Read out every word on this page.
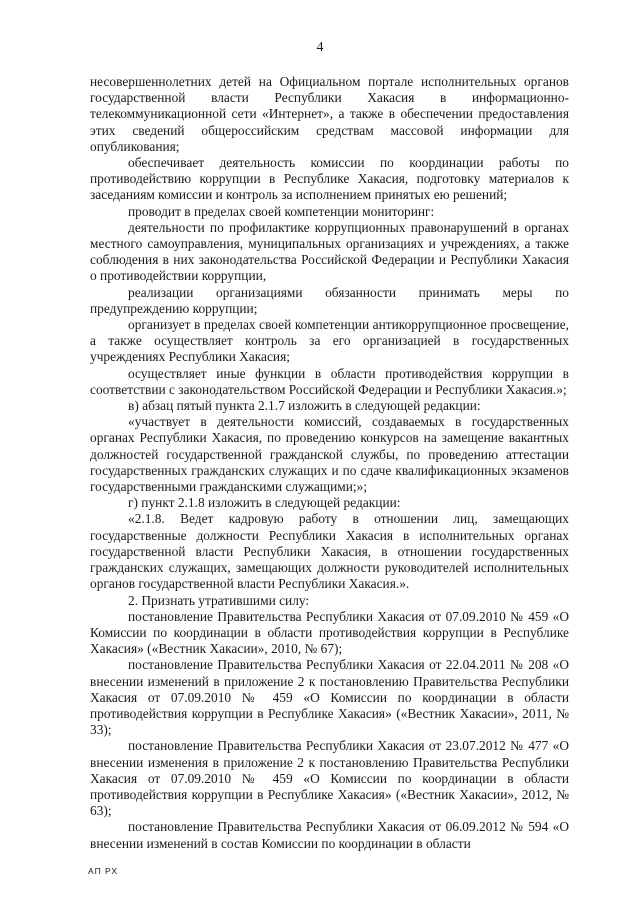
4

несовершеннолетних детей на Официальном портале исполнительных органов государственной власти Республики Хакасия в информационно-телекоммуникационной сети «Интернет», а также в обеспечении предоставления этих сведений общероссийским средствам массовой информации для опубликования;

обеспечивает деятельность комиссии по координации работы по противодействию коррупции в Республике Хакасия, подготовку материалов к заседаниям комиссии и контроль за исполнением принятых ею решений;

проводит в пределах своей компетенции мониторинг:

деятельности по профилактике коррупционных правонарушений в органах местного самоуправления, муниципальных организациях и учреждениях, а также соблюдения в них законодательства Российской Федерации и Республики Хакасия о противодействии коррупции,

реализации организациями обязанности принимать меры по предупреждению коррупции;

организует в пределах своей компетенции антикоррупционное просвещение, а также осуществляет контроль за его организацией в государственных учреждениях Республики Хакасия;

осуществляет иные функции в области противодействия коррупции в соответствии с законодательством Российской Федерации и Республики Хакасия.»;

в) абзац пятый пункта 2.1.7 изложить в следующей редакции:

«участвует в деятельности комиссий, создаваемых в государственных органах Республики Хакасия, по проведению конкурсов на замещение вакантных должностей государственной гражданской службы, по проведению аттестации государственных гражданских служащих и по сдаче квалификационных экзаменов государственными гражданскими служащими;»;

г) пункт 2.1.8 изложить в следующей редакции:

«2.1.8. Ведет кадровую работу в отношении лиц, замещающих государственные должности Республики Хакасия в исполнительных органах государственной власти Республики Хакасия, в отношении государственных гражданских служащих, замещающих должности руководителей исполнительных органов государственной власти Республики Хакасия.».

2. Признать утратившими силу:

постановление Правительства Республики Хакасия от 07.09.2010 № 459 «О Комиссии по координации в области противодействия коррупции в Республике Хакасия» («Вестник Хакасии», 2010, № 67);

постановление Правительства Республики Хакасия от 22.04.2011 № 208 «О внесении изменений в приложение 2 к постановлению Правительства Республики Хакасия от 07.09.2010 № 459 «О Комиссии по координации в области противодействия коррупции в Республике Хакасия» («Вестник Хакасии», 2011, № 33);

постановление Правительства Республики Хакасия от 23.07.2012 № 477 «О внесении изменения в приложение 2 к постановлению Правительства Республики Хакасия от 07.09.2010 № 459 «О Комиссии по координации в области противодействия коррупции в Республике Хакасия» («Вестник Хакасии», 2012, № 63);

постановление Правительства Республики Хакасия от 06.09.2012 № 594 «О внесении изменений в состав Комиссии по координации в области

АП РХ
